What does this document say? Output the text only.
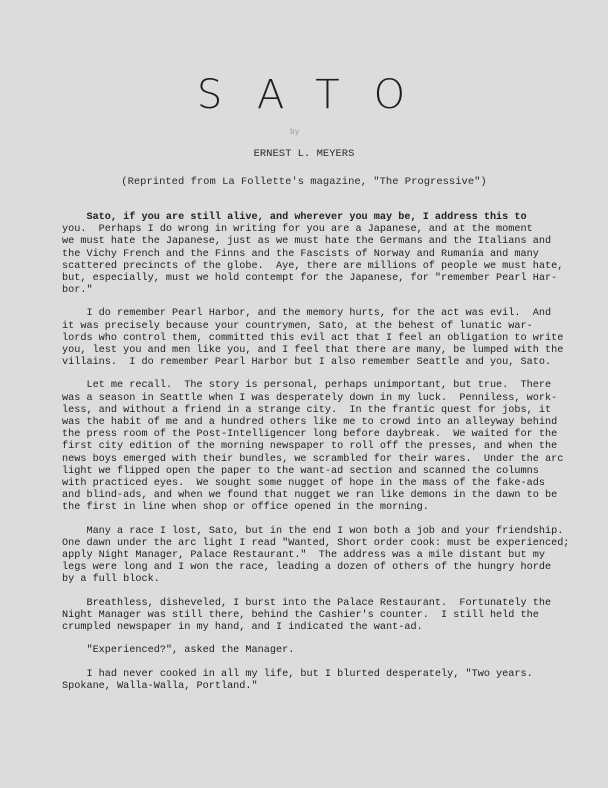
SATO
by
ERNEST L. MEYERS
(Reprinted from La Follette's magazine, "The Progressive")
Sato, if you are still alive, and wherever you may be, I address this to
you.  Perhaps I do wrong in writing for you are a Japanese, and at the moment
we must hate the Japanese, just as we must hate the Germans and the Italians and
the Vichy French and the Finns and the Fascists of Norway and Rumania and many
scattered precincts of the globe.  Aye, there are millions of people we must hate,
but, especially, must we hold contempt for the Japanese, for "remember Pearl Har-
bor."
I do remember Pearl Harbor, and the memory hurts, for the act was evil.  And
it was precisely because your countrymen, Sato, at the behest of lunatic war-
lords who control them, committed this evil act that I feel an obligation to write
you, lest you and men like you, and I feel that there are many, be lumped with the
villains.  I do remember Pearl Harbor but I also remember Seattle and you, Sato.
Let me recall.  The story is personal, perhaps unimportant, but true.  There
was a season in Seattle when I was desperately down in my luck.  Penniless, work-
less, and without a friend in a strange city.  In the frantic quest for jobs, it
was the habit of me and a hundred others like me to crowd into an alleyway behind
the press room of the Post-Intelligencer long before daybreak.  We waited for the
first city edition of the morning newspaper to roll off the presses, and when the
news boys emerged with their bundles, we scrambled for their wares.  Under the arc
light we flipped open the paper to the want-ad section and scanned the columns
with practiced eyes.  We sought some nugget of hope in the mass of the fake-ads
and blind-ads, and when we found that nugget we ran like demons in the dawn to be
the first in line when shop or office opened in the morning.
Many a race I lost, Sato, but in the end I won both a job and your friendship.
One dawn under the arc light I read "Wanted, Short order cook: must be experienced;
apply Night Manager, Palace Restaurant."  The address was a mile distant but my
legs were long and I won the race, leading a dozen of others of the hungry horde
by a full block.
Breathless, disheveled, I burst into the Palace Restaurant.  Fortunately the
Night Manager was still there, behind the Cashier's counter.  I still held the
crumpled newspaper in my hand, and I indicated the want-ad.
"Experienced?", asked the Manager.
I had never cooked in all my life, but I blurted desperately, "Two years.
Spokane, Walla-Walla, Portland."
